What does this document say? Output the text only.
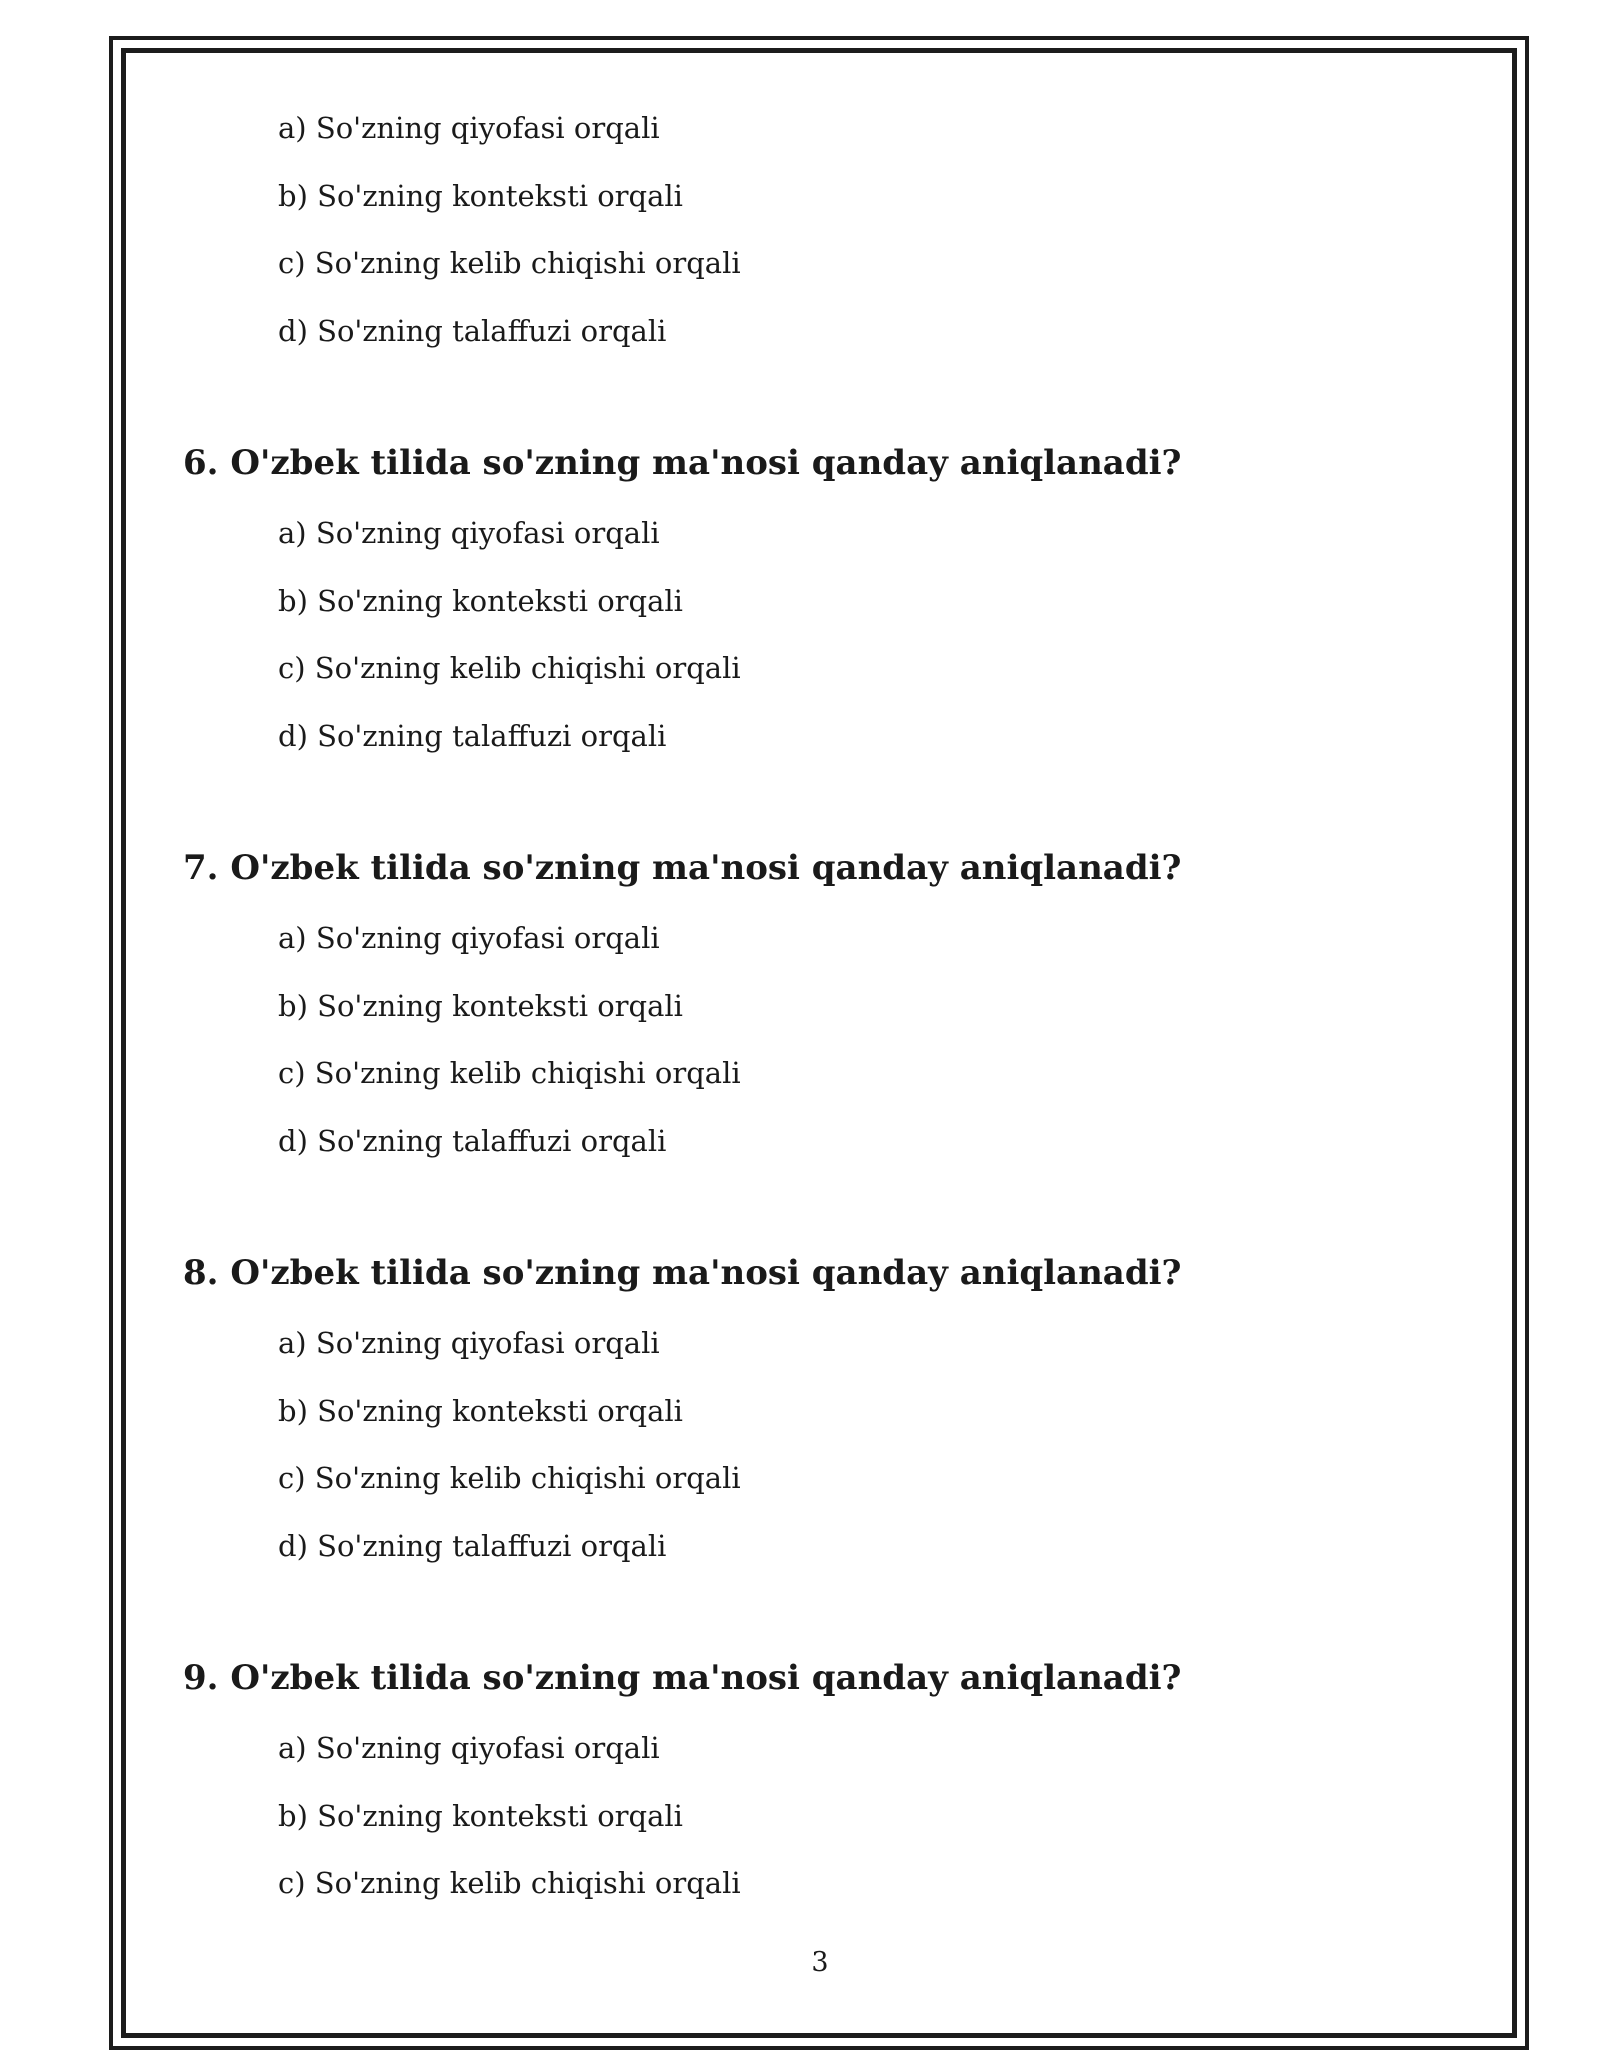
a) So'zning qiyofasi orqali
b) So'zning konteksti orqali
c) So'zning kelib chiqishi orqali
d) So'zning talaffuzi orqali
6. O'zbek tilida so'zning ma'nosi qanday aniqlanadi?
a) So'zning qiyofasi orqali
b) So'zning konteksti orqali
c) So'zning kelib chiqishi orqali
d) So'zning talaffuzi orqali
7. O'zbek tilida so'zning ma'nosi qanday aniqlanadi?
a) So'zning qiyofasi orqali
b) So'zning konteksti orqali
c) So'zning kelib chiqishi orqali
d) So'zning talaffuzi orqali
8. O'zbek tilida so'zning ma'nosi qanday aniqlanadi?
a) So'zning qiyofasi orqali
b) So'zning konteksti orqali
c) So'zning kelib chiqishi orqali
d) So'zning talaffuzi orqali
9. O'zbek tilida so'zning ma'nosi qanday aniqlanadi?
a) So'zning qiyofasi orqali
b) So'zning konteksti orqali
c) So'zning kelib chiqishi orqali
3
